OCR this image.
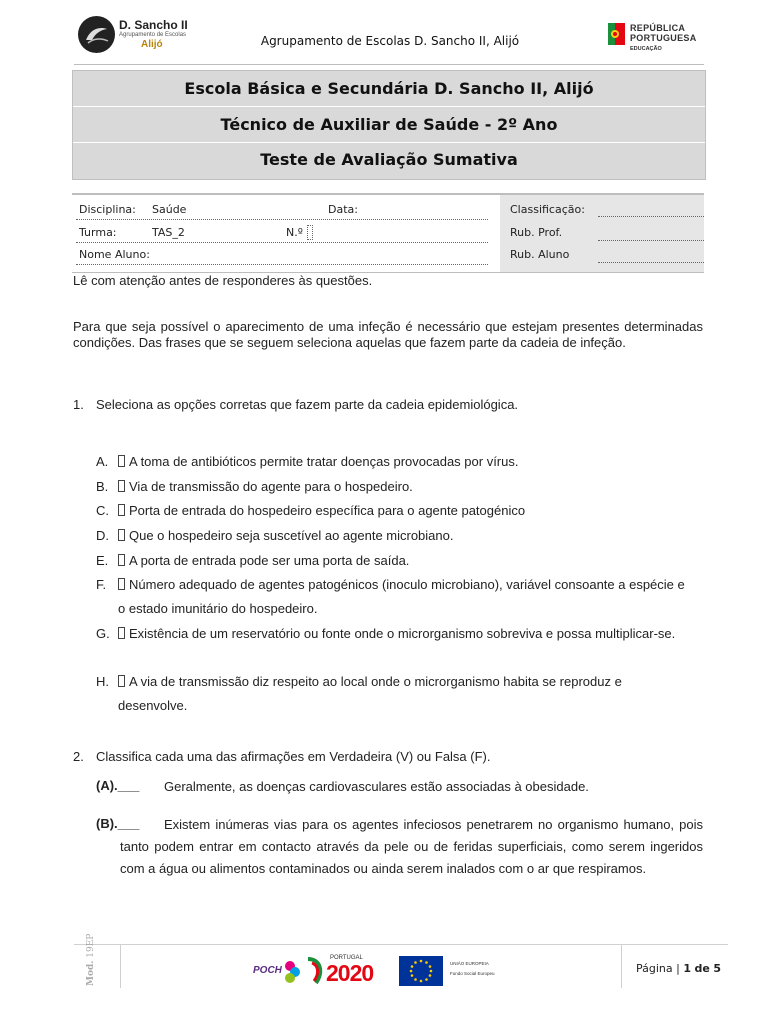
D. Sancho II
Agrupamento de Escolas
Alijó	Agrupamento de Escolas D. Sancho II, Alijó
REPÚBLICA
PORTUGUESA
EDUCAÇÃO
Escola Básica e Secundária D. Sancho II, Alijó
Técnico de Auxiliar de Saúde - 2º Ano
Teste de Avaliação Sumativa
Disciplina: Saúde	Data:
Turma:	TAS_2	N.º
Nome Aluno:
Classificação:
Rub. Prof.
Rub. Aluno
Lê com atenção antes de responderes às questões.
Para que seja possível o aparecimento de uma infeção é necessário que estejam presentes determinadas condições. Das frases que se seguem seleciona aquelas que fazem parte da cadeia de infeção.
1. Seleciona as opções corretas que fazem parte da cadeia epidemiológica.
A.	A toma de antibióticos permite tratar doenças provocadas por vírus.
B.	Via de transmissão do agente para o hospedeiro.
C.	Porta de entrada do hospedeiro específica para o agente patogénico
D.	Que o hospedeiro seja suscetível ao agente microbiano.
E.	A porta de entrada pode ser uma porta de saída.
F.	Número adequado de agentes patogénicos (inoculo microbiano), variável consoante a espécie e o estado imunitário do hospedeiro.
G.	Existência de um reservatório ou fonte onde o microrganismo sobreviva e possa multiplicar-se.
H.	A via de transmissão diz respeito ao local onde o microrganismo habita se reproduz e desenvolve.
2. Classifica cada uma das afirmações em Verdadeira (V) ou Falsa (F).
(A).___ Geralmente, as doenças cardiovasculares estão associadas à obesidade.
(B).___	Existem inúmeras vias para os agentes infeciosos penetrarem no organismo humano, pois tanto podem entrar em contacto através da pele ou de feridas superficiais, como serem ingeridos com a água ou alimentos contaminados ou ainda serem inalados com o ar que respiramos.
Mod. 19EP
POCH
PORTUGAL
2020	UNIÃO EUROPEIA
Fundo Social Europeu	Página | 1 de 5
